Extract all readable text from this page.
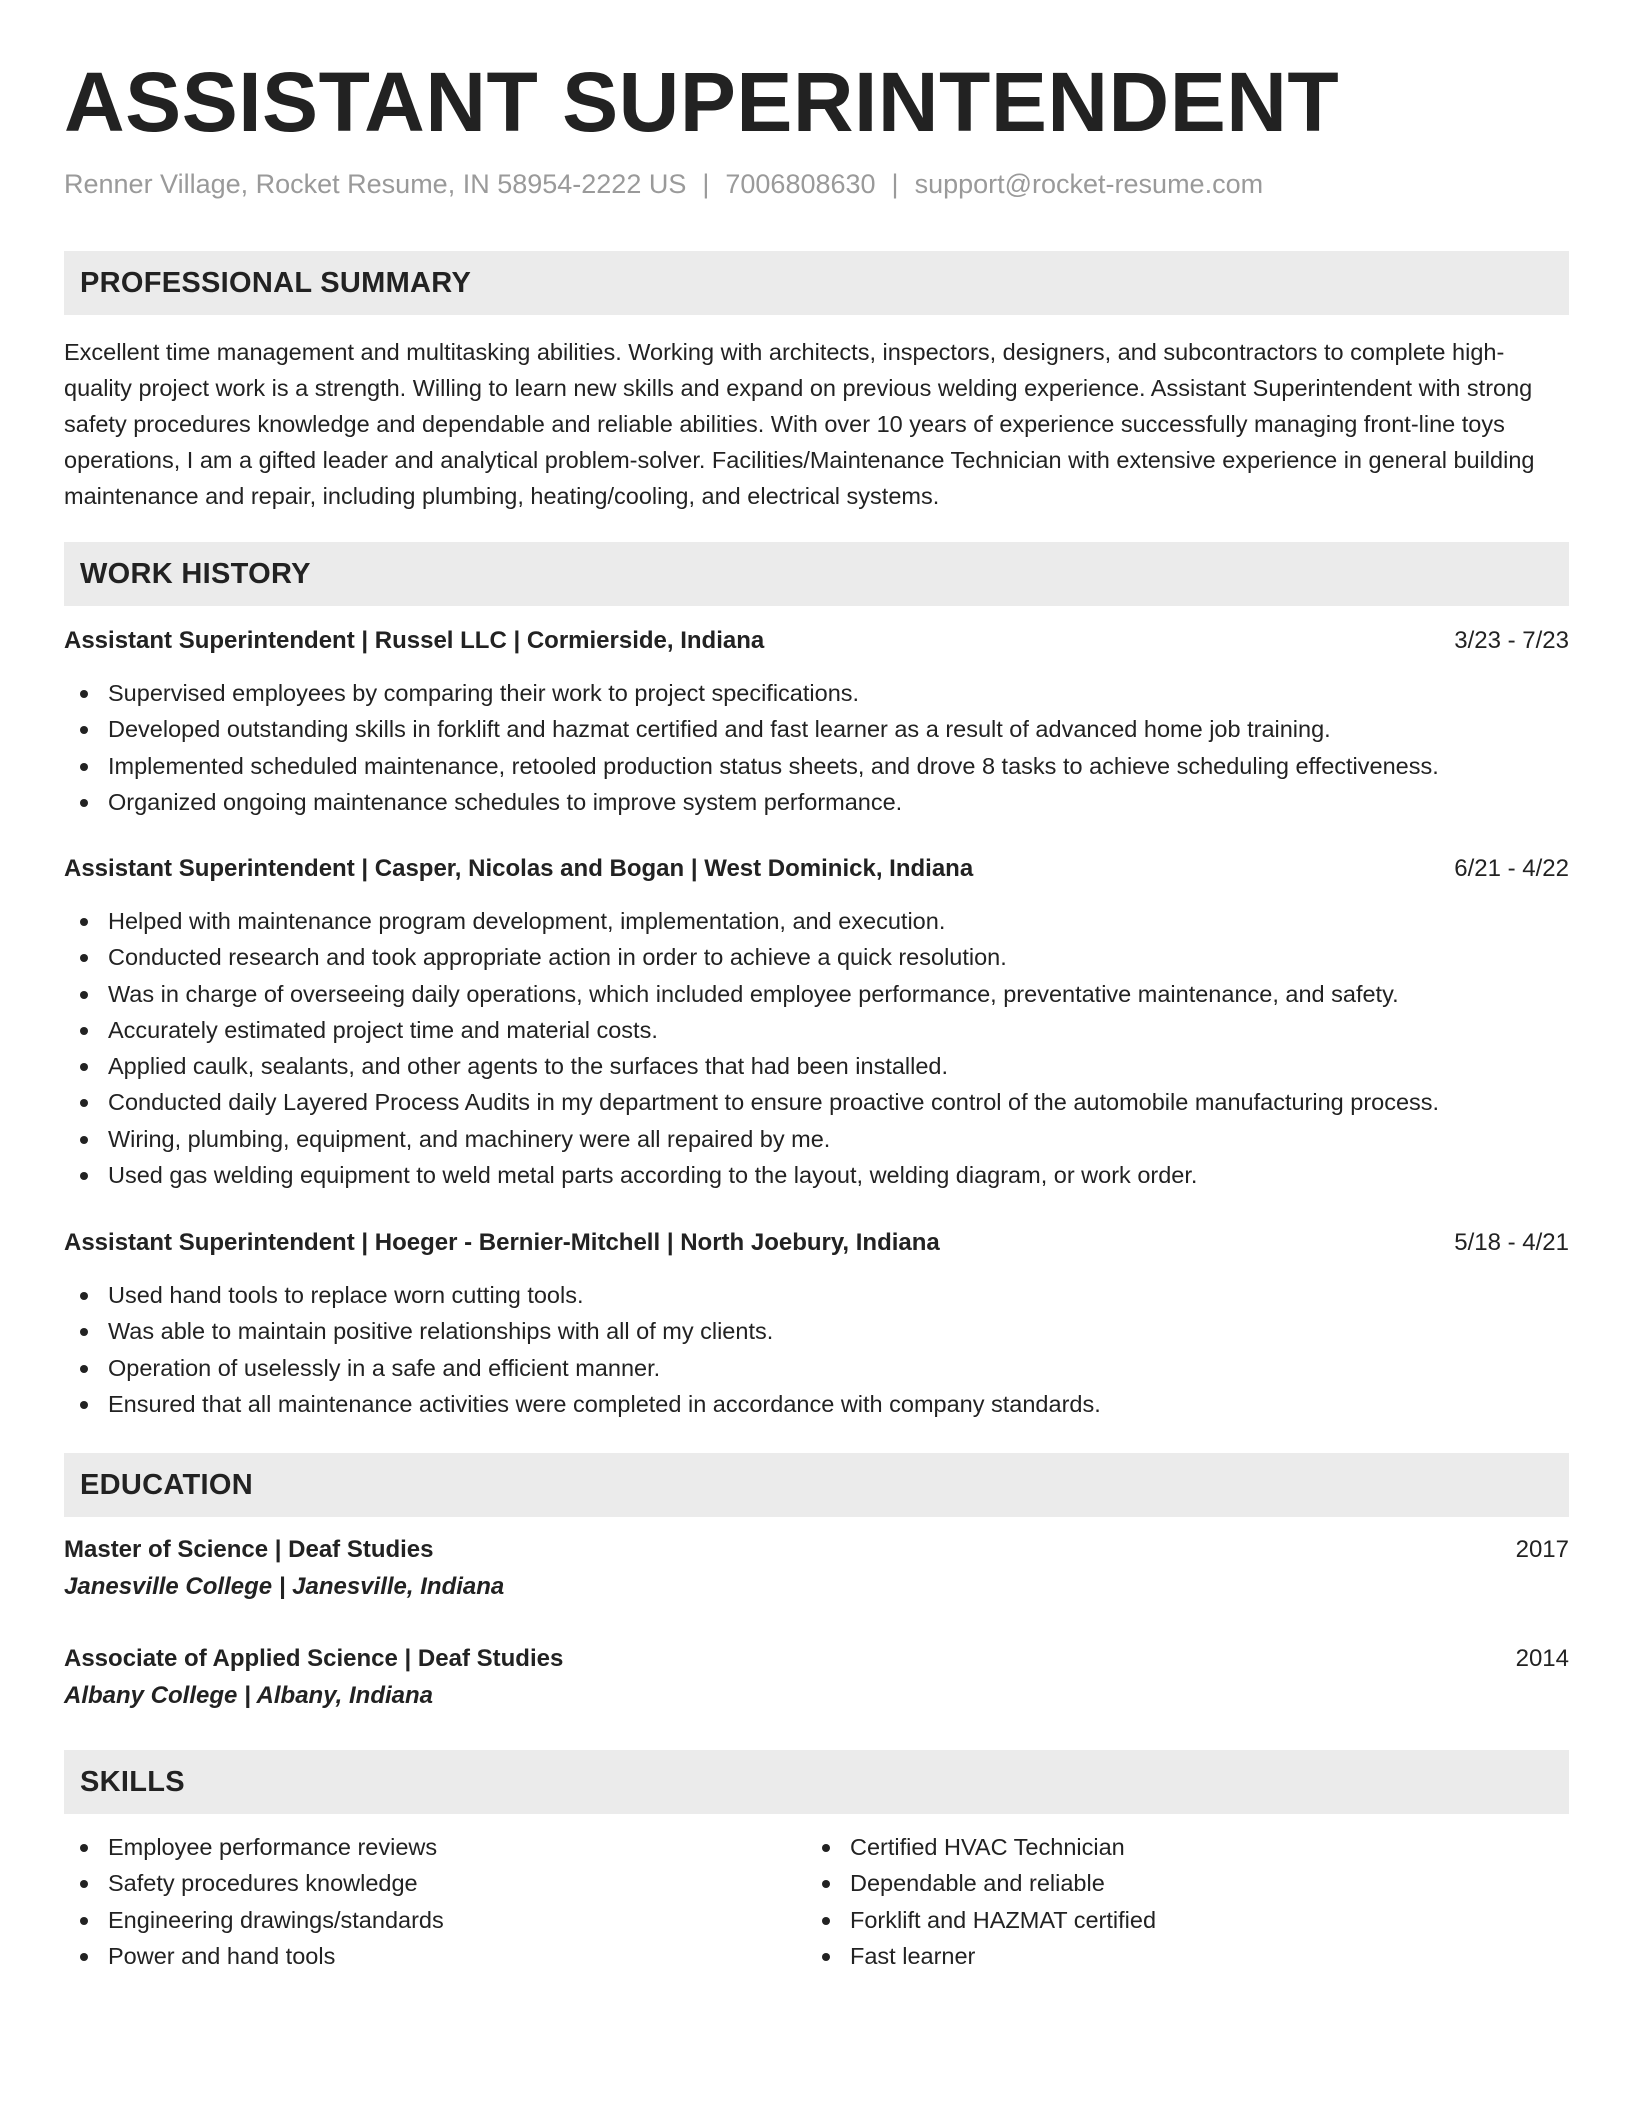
ASSISTANT SUPERINTENDENT
Renner Village, Rocket Resume, IN 58954-2222 US | 7006808630 | support@rocket-resume.com
PROFESSIONAL SUMMARY

Excellent time management and multitasking abilities. Working with architects, inspectors, designers, and subcontractors to complete high-quality project work is a strength. Willing to learn new skills and expand on previous welding experience. Assistant Superintendent with strong safety procedures knowledge and dependable and reliable abilities. With over 10 years of experience successfully managing front-line toys operations, I am a gifted leader and analytical problem-solver. Facilities/Maintenance Technician with extensive experience in general building maintenance and repair, including plumbing, heating/cooling, and electrical systems.

WORK HISTORY
Assistant Superintendent | Russel LLC | Cormierside, Indiana	3/23 - 7/23
Supervised employees by comparing their work to project specifications.
Developed outstanding skills in forklift and hazmat certified and fast learner as a result of advanced home job training.
Implemented scheduled maintenance, retooled production status sheets, and drove 8 tasks to achieve scheduling effectiveness.
Organized ongoing maintenance schedules to improve system performance.
Assistant Superintendent | Casper, Nicolas and Bogan | West Dominick, Indiana	6/21 - 4/22
Helped with maintenance program development, implementation, and execution.
Conducted research and took appropriate action in order to achieve a quick resolution.
Was in charge of overseeing daily operations, which included employee performance, preventative maintenance, and safety.
Accurately estimated project time and material costs.
Applied caulk, sealants, and other agents to the surfaces that had been installed.
Conducted daily Layered Process Audits in my department to ensure proactive control of the automobile manufacturing process.
Wiring, plumbing, equipment, and machinery were all repaired by me.
Used gas welding equipment to weld metal parts according to the layout, welding diagram, or work order.
Assistant Superintendent | Hoeger - Bernier-Mitchell | North Joebury, Indiana	5/18 - 4/21
Used hand tools to replace worn cutting tools.
Was able to maintain positive relationships with all of my clients.
Operation of uselessly in a safe and efficient manner.
Ensured that all maintenance activities were completed in accordance with company standards.
EDUCATION
Master of Science | Deaf Studies	2017
Janesville College | Janesville, Indiana
Associate of Applied Science | Deaf Studies	2014
Albany College | Albany, Indiana
SKILLS
Employee performance reviews
Safety procedures knowledge
Engineering drawings/standards
Power and hand tools
Certified HVAC Technician
Dependable and reliable
Forklift and HAZMAT certified
Fast learner
